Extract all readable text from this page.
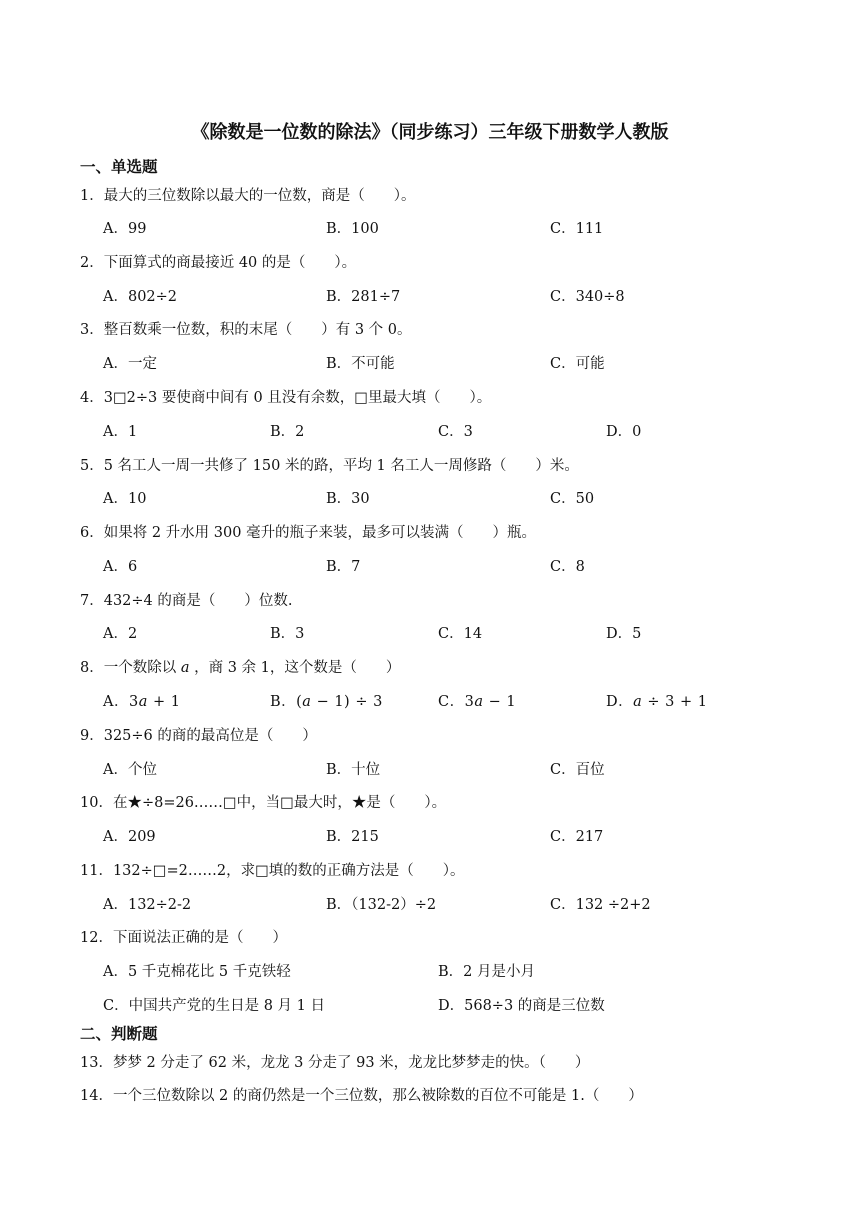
《除数是一位数的除法》（同步练习）三年级下册数学人教版
一、单选题
1．最大的三位数除以最大的一位数，商是（　　）。
A．99	B．100	C．111
2．下面算式的商最接近 40 的是（　　）。
A．802÷2	B．281÷7	C．340÷8
3．整百数乘一位数，积的末尾（　　）有 3 个 0。
A．一定	B．不可能	C．可能
4．3□2÷3 要使商中间有 0 且没有余数，□里最大填（　　）。
A．1	B．2	C．3	D．0
5．5 名工人一周一共修了 150 米的路，平均 1 名工人一周修路（　　）米。
A．10	B．30	C．50
6．如果将 2 升水用 300 毫升的瓶子来装，最多可以装满（　　）瓶。
A．6	B．7	C．8
7．432÷4 的商是（　　）位数.
A．2	B．3	C．14	D．5
8．一个数除以 𝑎 ，商 3 余 1，这个数是（　　）
A．3𝑎 + 1	B．(𝑎 − 1) ÷ 3	C．3𝑎 − 1	D．𝑎 ÷ 3 + 1
9．325÷6 的商的最高位是（　　）
A．个位	B．十位	C．百位
10．在★÷8=26……□中，当□最大时，★是（　　）。
A．209	B．215	C．217
11．132÷□=2……2，求□填的数的正确方法是（　　）。
A．132÷2-2	B．（132-2）÷2	C．132 ÷2+2
12．下面说法正确的是（　　）
A．5 千克棉花比 5 千克铁轻	B．2 月是小月
C．中国共产党的生日是 8 月 1 日	D．568÷3 的商是三位数
二、判断题
13．梦梦 2 分走了 62 米，龙龙 3 分走了 93 米，龙龙比梦梦走的快。（　　）
14．一个三位数除以 2 的商仍然是一个三位数，那么被除数的百位不可能是 1.（　　）
